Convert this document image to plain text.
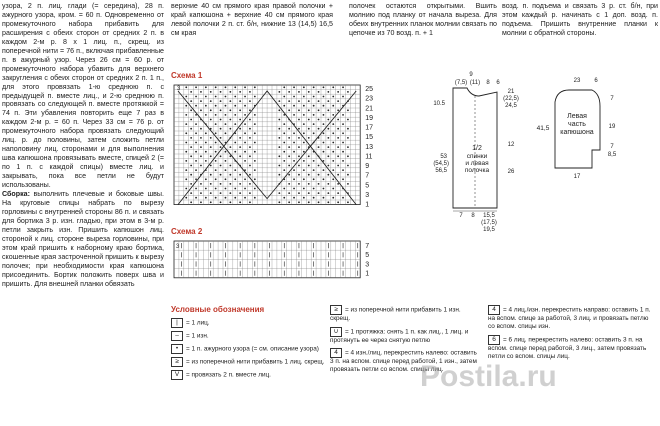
узора, 2 п. лиц. глади (= середина), 28 п. ажурного узора, кром. = 60 п. Одновременно от промежуточного набора прибавить для расширения с обеих сторон от средних 2 п. в каждом 2-м р. 8 х 1 лиц. п., скрещ. из поперечной нити = 76 п., включая прибавленные п. в ажурный узор. Через 26 см = 60 р. от промежуточного набора убавить для верхнего закругления с обеих сторон от средних 2 п. 1 п., для этого провязать 1-ю среднюю п. с предыдущей п. вместе лиц., и 2-ю среднюю п. провязать со следующей п. вместе протяжкой = 74 п. Эти убавления повторить еще 7 раз в каждом 2-м р. = 60 п. Через 33 см = 76 р. от промежуточного набора провязать следующий лиц. р. до половины, затем сложить петли наполовину лиц. сторонами и для выполнения шва капюшона провязывать вместе, спицей 2 (= по 1 п. с каждой спицы) вместе лиц. и закрывать, пока все петли не будут использованы.

Сборка: выполнить плечевые и боковые швы. На круговые спицы набрать по вырезу горловины с внутренней стороны 86 п. и связать для бортика 3 р. изн. гладью, при этом в 3-м р. петли закрыть изн. Пришить капюшон лиц. стороной к лиц. стороне выреза горловины, при этом край пришить к наборному краю бортика, скошенные края застроченной пришить к вырезу полочек; при необходимости края капюшона присоединить. Бортик положить поверх шва и пришить. Для внешней планки обвязать

верхние 40 см прямого края правой полочки + край капюшона + верхние 40 см прямого края левой полочки 2 п. ст. б/н, нижние 13 (14,5) 16,5 см края
полочек остаются открытыми. Вшить молнию под планку от начала выреза. Для обеих внутренних планок молнии связать по цепочке из 70 возд. п. + 1
возд. п. подъема и связать 3 р. ст. б/н, при этом каждый р. начинать с 1 доп. возд. п. подъема. Пришить внутренние планки к молнии с обратной стороны.
Схема 1
Схема 2
Условные обозначения
3	25
23
21
19
17
15
13
11
9
7
5
3
1
3	7
5
3
1
9
(7,5) (11) 8 6
10.5
53
(54,5)
56,5
21
(22,5)
24,5
12
26
1/2
спинки
и левая
полочка
7 8 15,5
(17,5)
19,5
23 6
41,5
7
19
7
8,5
17
Левая
часть
капюшона
| = 1 лиц.
– = 1 изн.
• = 1 п. ажурного узора (= см. описание узора)
≥ = из поперечной нити прибавить 1 лиц. скрещ.
V = провязать 2 п. вместе лиц.
≥ = из поперечной нити прибавить 1 изн. скрещ.
∪ = 1 протяжка: снять 1 п. как лиц., 1 лиц. и протянуть ее через снятую петлю
4 = 4 изн./лиц. перекрестить налево: оставить 3 п. на вспом. спице перед работой, 1 изн., затем провязать петли со вспом. спицы лиц.
4 = 4 лиц./изн. перекрестить направо: оставить 1 п. на вспом. спице за работой, 3 лиц. и провязать петлю со вспом. спицы изн.
6 = 6 лиц. перекрестить налево: оставить 3 п. на вспом. спице перед работой, 3 лиц., затем провязать петли со вспом. спицы лиц.
Postila.ru
